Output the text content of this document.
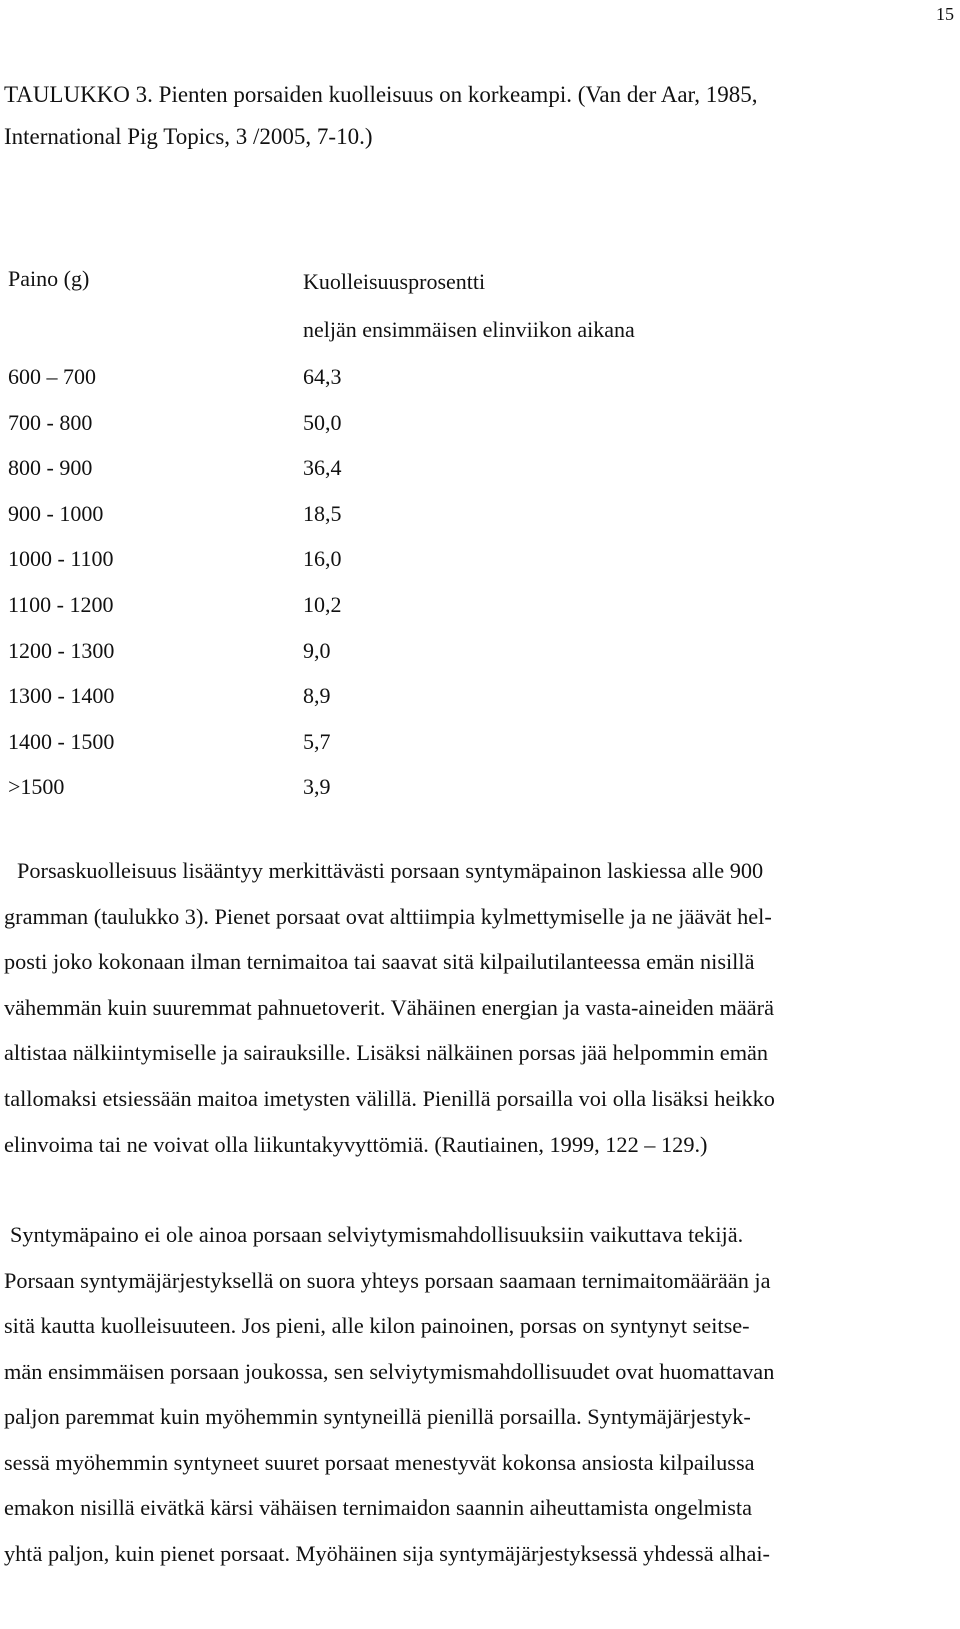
15
TAULUKKO 3. Pienten porsaiden kuolleisuus on korkeampi. (Van der Aar, 1985,
International Pig Topics, 3 /2005, 7-10.)
Paino (g)	Kuolleisuusprosentti
neljän ensimmäisen elinviikon aikana
600 – 700	64,3
700 - 800	50,0
800 - 900	36,4
900 - 1000	18,5
1000 - 1100	16,0
1100 - 1200	10,2
1200 - 1300	9,0
1300 - 1400	8,9
1400 - 1500	5,7
>1500	3,9
Porsaskuolleisuus lisääntyy merkittävästi porsaan syntymäpainon laskiessa alle 900
gramman (taulukko 3). Pienet porsaat ovat alttiimpia kylmettymiselle ja ne jäävät hel-
posti joko kokonaan ilman ternimaitoa tai saavat sitä kilpailutilanteessa emän nisillä
vähemmän kuin suuremmat pahnuetoverit. Vähäinen energian ja vasta-aineiden määrä
altistaa nälkiintymiselle ja sairauksille. Lisäksi nälkäinen porsas jää helpommin emän
tallomaksi etsiessään maitoa imetysten välillä. Pienillä porsailla voi olla lisäksi heikko
elinvoima tai ne voivat olla liikuntakyvyttömiä. (Rautiainen, 1999, 122 – 129.)
Syntymäpaino ei ole ainoa porsaan selviytymismahdollisuuksiin vaikuttava tekijä.
Porsaan syntymäjärjestyksellä on suora yhteys porsaan saamaan ternimaitomäärään ja
sitä kautta kuolleisuuteen. Jos pieni, alle kilon painoinen, porsas on syntynyt seitse-
män ensimmäisen porsaan joukossa, sen selviytymismahdollisuudet ovat huomattavan
paljon paremmat kuin myöhemmin syntyneillä pienillä porsailla. Syntymäjärjestyk-
sessä myöhemmin syntyneet suuret porsaat menestyvät kokonsa ansiosta kilpailussa
emakon nisillä eivätkä kärsi vähäisen ternimaidon saannin aiheuttamista ongelmista
yhtä paljon, kuin pienet porsaat. Myöhäinen sija syntymäjärjestyksessä yhdessä alhai-
